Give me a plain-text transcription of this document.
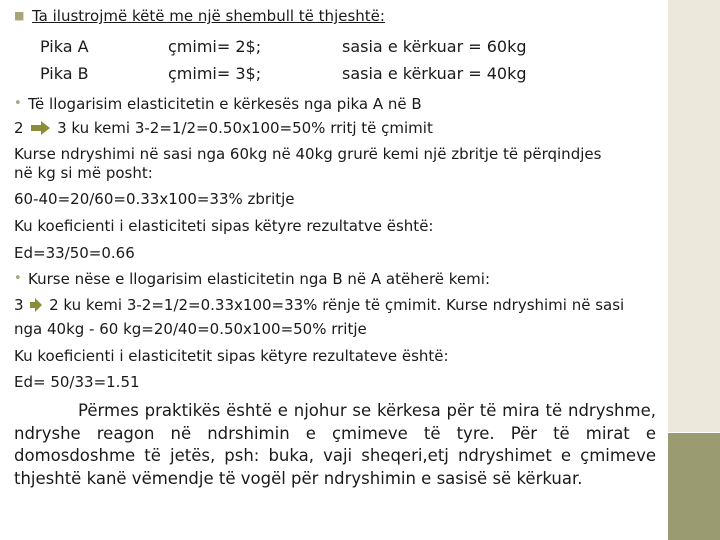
■ Ta ilustrojmë këtë me një shembull të thjeshtë:
Pika A	çmimi= 2$;	sasia e kërkuar = 60kg
Pika B	çmimi= 3$;	sasia e kërkuar = 40kg
• Të llogarisim elasticitetin e kërkesës nga pika A në B
2 3 ku kemi 3-2=1/2=0.50x100=50% rritj të çmimit
Kurse ndryshimi në sasi nga 60kg në 40kg grurë kemi një zbritje të përqindjes
në kg si më posht:
60-40=20/60=0.33x100=33% zbritje
Ku koeficienti i elasticiteti sipas këtyre rezultatve është:
Ed=33/50=0.66
• Kurse nëse e llogarisim elasticitetin nga B në A atëherë kemi:
3 2 ku kemi 3-2=1/2=0.33x100=33% rënje të çmimit. Kurse ndryshimi në sasi
nga 40kg - 60 kg=20/40=0.50x100=50% rritje
Ku koeficienti i elasticitetit sipas këtyre rezultateve është:
Ed= 50/33=1.51
Përmes praktikës është e njohur se kërkesa për të mira të ndryshme, ndryshe reagon në ndrshimin e çmimeve të tyre. Për të mirat e domosdoshme të jetës, psh: buka, vaji sheqeri,etj ndryshimet e çmimeve thjeshtë kanë vëmendje të vogël për ndryshimin e sasisë së kërkuar.
